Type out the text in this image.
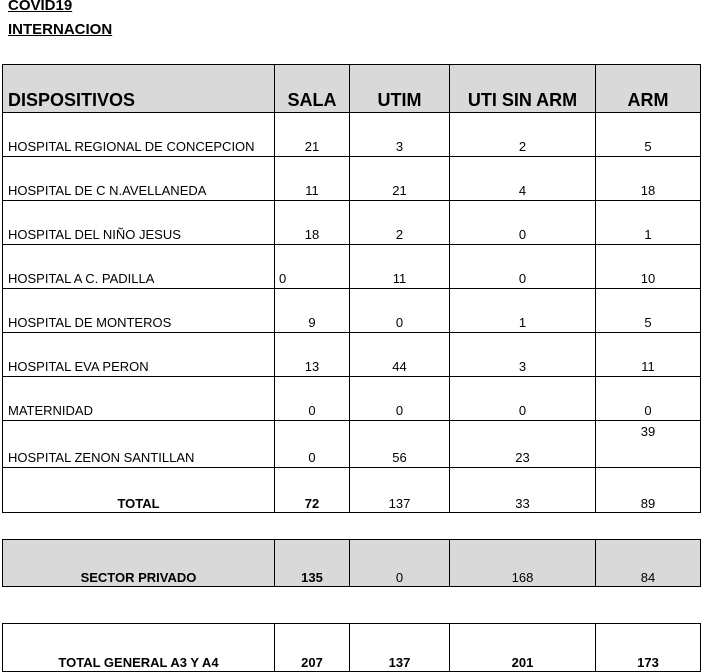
COVID19
INTERNACION
DISPOSITIVOS	SALA	UTIM	UTI SIN ARM	ARM
HOSPITAL REGIONAL DE CONCEPCION	21	3	2	5
HOSPITAL DE C N.AVELLANEDA	11	21	4	18
HOSPITAL DEL NIÑO JESUS	18	2	0	1
HOSPITAL A C. PADILLA	0	11	0	10
HOSPITAL DE MONTEROS	9	0	1	5
HOSPITAL EVA PERON	13	44	3	11
MATERNIDAD	0	0	0	0
HOSPITAL ZENON SANTILLAN	0	56	23	39
TOTAL	72	137	33	89
SECTOR PRIVADO	135	0	168	84
TOTAL GENERAL A3 Y A4	207	137	201	173
